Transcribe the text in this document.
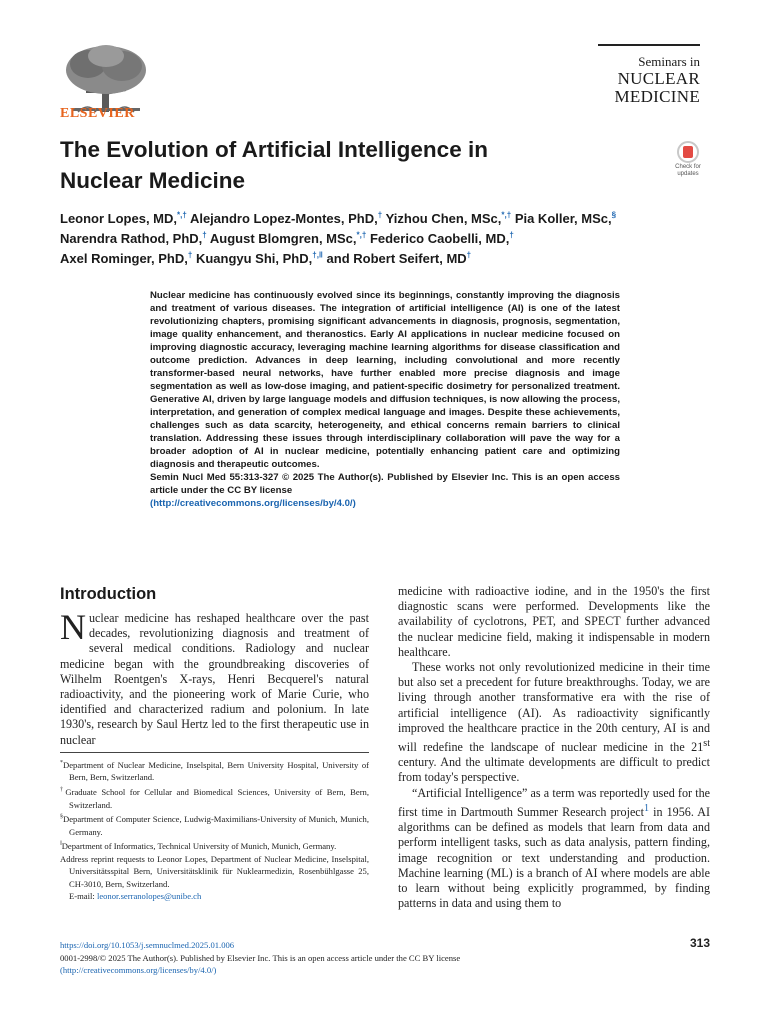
ELSEVIER
Seminars in
NUCLEAR
MEDICINE
The Evolution of Artificial Intelligence in
Nuclear Medicine
Check for
updates
Leonor Lopes, MD,*,† Alejandro Lopez-Montes, PhD,† Yizhou Chen, MSc,*,† Pia Koller, MSc,§
Narendra Rathod, PhD,† August Blomgren, MSc,*,† Federico Caobelli, MD,†
Axel Rominger, PhD,† Kuangyu Shi, PhD,†,‖ and Robert Seifert, MD†

Nuclear medicine has continuously evolved since its beginnings, constantly improving the diagnosis and treatment of various diseases. The integration of artificial intelligence (AI) is one of the latest revolutionizing chapters, promising significant advancements in diagnosis, prognosis, segmentation, image quality enhancement, and theranostics. Early AI applications in nuclear medicine focused on improving diagnostic accuracy, leveraging machine learning algorithms for disease classification and outcome prediction. Advances in deep learning, including convolutional and more recently transformer-based neural networks, have further enabled more precise diagnosis and image segmentation as well as low-dose imaging, and patient-specific dosimetry for personalized treatment. Generative AI, driven by large language models and diffusion techniques, is now allowing the process, interpretation, and generation of complex medical language and images. Despite these achievements, challenges such as data scarcity, heterogeneity, and ethical concerns remain barriers to clinical translation. Addressing these issues through interdisciplinary collaboration will pave the way for a broader adoption of AI in nuclear medicine, potentially enhancing patient care and optimizing diagnosis and therapeutic outcomes.

Semin Nucl Med 55:313-327 © 2025 The Author(s). Published by Elsevier Inc. This is an open access article under the CC BY license
(http://creativecommons.org/licenses/by/4.0/)

Introduction

Nuclear medicine has reshaped healthcare over the past decades, revolutionizing diagnosis and treatment of several medical conditions. Radiology and nuclear medicine began with the groundbreaking discoveries of Wilhelm Roentgen's X-rays, Henri Becquerel's natural radioactivity, and the pioneering work of Marie Curie, who identified and characterized radium and polonium. In late 1930's, research by Saul Hertz led to the first therapeutic use in nuclear

*Department of Nuclear Medicine, Inselspital, Bern University Hospital, University of Bern, Bern, Switzerland.

†Graduate School for Cellular and Biomedical Sciences, University of Bern, Bern, Switzerland.

§Department of Computer Science, Ludwig-Maximilians-University of Munich, Munich, Germany.

‖Department of Informatics, Technical University of Munich, Munich, Germany.

Address reprint requests to Leonor Lopes, Department of Nuclear Medicine, Inselspital, Universitätsspital Bern, Universitätsklinik für Nuklearmedizin, Rosenbühlgasse 25, CH-3010, Bern, Switzerland.
E-mail: leonor.serranolopes@unibe.ch

medicine with radioactive iodine, and in the 1950's the first diagnostic scans were performed. Developments like the availability of cyclotrons, PET, and SPECT further advanced the nuclear medicine field, making it indispensable in modern healthcare.

These works not only revolutionized medicine in their time but also set a precedent for future breakthroughs. Today, we are living through another transformative era with the rise of artificial intelligence (AI). As radioactivity significantly improved the healthcare practice in the 20th century, AI is and will redefine the landscape of nuclear medicine in the 21st century. And the ultimate developments are difficult to predict from today's perspective.

“Artificial Intelligence” as a term was reportedly used for the first time in Dartmouth Summer Research project$^1$ in 1956. AI algorithms can be defined as models that learn from data and perform intelligent tasks, such as data analysis, pattern finding, image recognition or text understanding and production. Machine learning (ML) is a branch of AI where models are able to learn without being explicitly programmed, by finding patterns in data and using them to

https://doi.org/10.1053/j.semnuclmed.2025.01.006
0001-2998/© 2025 The Author(s). Published by Elsevier Inc. This is an open access article under the CC BY license
(http://creativecommons.org/licenses/by/4.0/)
313
